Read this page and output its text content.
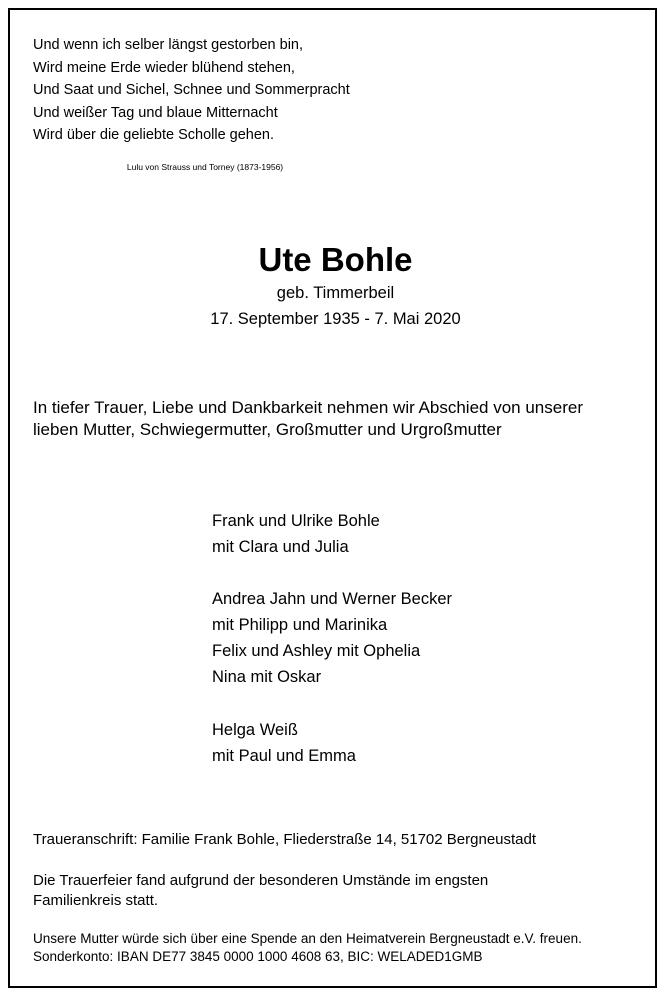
Und wenn ich selber längst gestorben bin,
Wird meine Erde wieder blühend stehen,
Und Saat und Sichel, Schnee und Sommerpracht
Und weißer Tag und blaue Mitternacht
Wird über die geliebte Scholle gehen.
Lulu von Strauss und Torney (1873-1956)
Ute Bohle
geb. Timmerbeil
17. September 1935 - 7. Mai 2020
In tiefer Trauer, Liebe und Dankbarkeit nehmen wir Abschied von unserer
lieben Mutter, Schwiegermutter, Großmutter und Urgroßmutter
Frank und Ulrike Bohle
mit Clara und Julia
Andrea Jahn und Werner Becker
mit Philipp und Marinika
Felix und Ashley mit Ophelia
Nina mit Oskar
Helga Weiß
mit Paul und Emma
Traueranschrift: Familie Frank Bohle, Fliederstraße 14, 51702 Bergneustadt
Die Trauerfeier fand aufgrund der besonderen Umstände im engsten
Familienkreis statt.
Unsere Mutter würde sich über eine Spende an den Heimatverein Bergneustadt e.V. freuen.
Sonderkonto: IBAN DE77 3845 0000 1000 4608 63, BIC: WELADED1GMB
